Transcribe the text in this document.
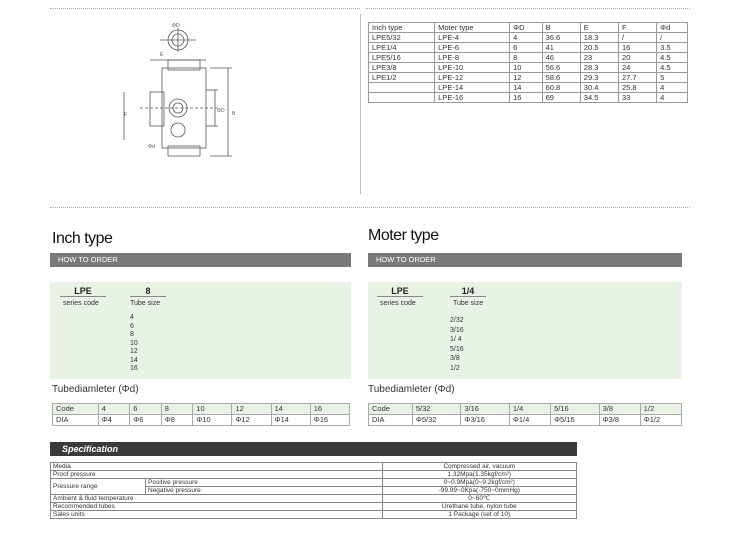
ΦD
E
B
ΦD
F
Φd
Inch type	Moter type	ΦD	B	E	F	Φd
LPE5/32	LPE-4	4	36.6	18.3	/	/
LPE1/4	LPE-6	6	41	20.5	16	3.5
LPE5/16	LPE-8	8	46	23	20	4.5
LPE3/8	LPE-10	10	56.6	28.3	24	4.5
LPE1/2	LPE-12	12	58.6	29.3	27.7	5
	LPE-14	14	60.8	30.4	25.8	4
	LPE-16	16	69	34.5	33	4
Inch type
HOW TO ORDER
LPE
series code
8
Tube size
4
6
8
10
12
14
16
Tubediamleter (Φd)
Code	4	6	8	10	12	14	16
DIA	Φ4	Φ6	Φ8	Φ10	Φ12	Φ14	Φ16
Moter type
HOW TO ORDER
LPE
series code
1/4
Tube size
2/32
3/16
1/ 4
5/16
3/8
1/2
Tubediamleter (Φd)
Code	5/32	3/16	1/4	5/16	3/8	1/2
DIA	Φ5/32	Φ3/16	Φ1/4	Φ5/16	Φ3/8	Φ1/2
Specification
Media		Compressed air, vacuum
Proof pressure		1.32Mpa(1.35kgf/cm²)
Pressure range	Positive pressure	0~0.9Mpa(0~9.2kgf/cm²)
	Negative pressure	-99.99~0Kpa(-750~0mmHg)
Ambient & fluid temperature		0~60℃
Recommended tubes		Urethane tube, nylon tube
Sales units		1 Package (set of 10)
